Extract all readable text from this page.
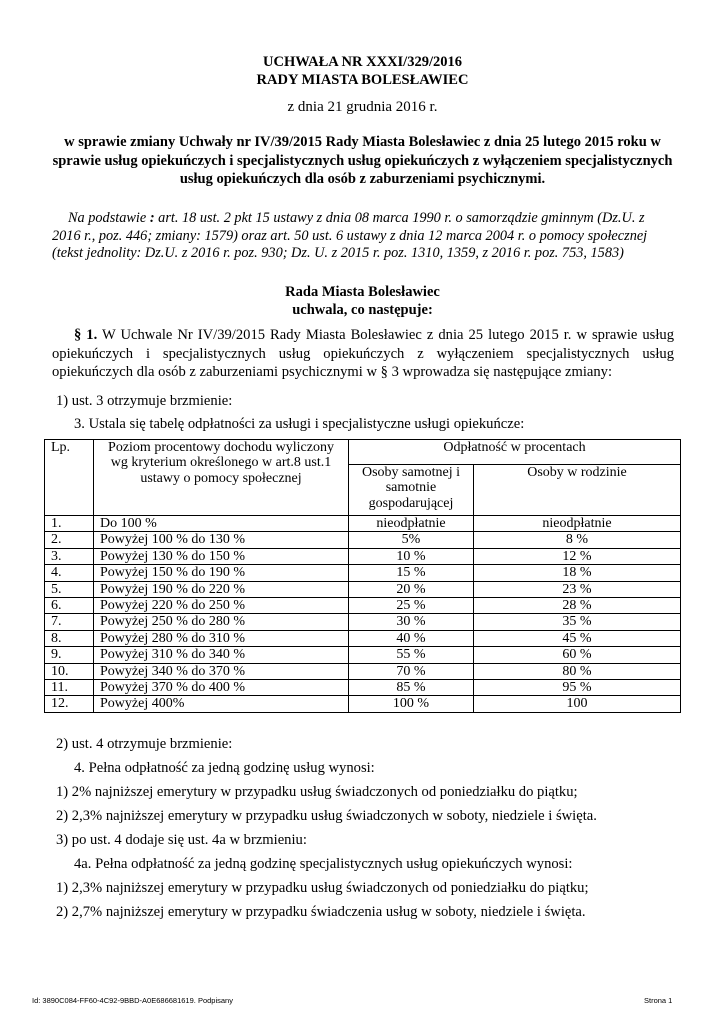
UCHWAŁA NR XXXI/329/2016
RADY MIASTA BOLESŁAWIEC
z dnia 21 grudnia 2016 r.
w sprawie zmiany Uchwały nr IV/39/2015 Rady Miasta Bolesławiec z dnia 25 lutego 2015 roku w sprawie usług opiekuńczych i specjalistycznych usług opiekuńczych z wyłączeniem specjalistycznych usług opiekuńczych dla osób z zaburzeniami psychicznymi.
Na podstawie : art. 18 ust. 2 pkt 15 ustawy z dnia 08 marca 1990 r. o samorządzie gminnym (Dz.U. z 2016 r., poz. 446; zmiany: 1579) oraz art. 50 ust. 6 ustawy z dnia 12 marca 2004 r. o pomocy społecznej (tekst jednolity: Dz.U. z 2016 r. poz. 930; Dz. U. z 2015 r. poz. 1310, 1359, z 2016 r. poz. 753, 1583)
Rada Miasta Bolesławiec
uchwala, co następuje:
§ 1. W Uchwale Nr IV/39/2015 Rady Miasta Bolesławiec z dnia 25 lutego 2015 r. w sprawie usług opiekuńczych i specjalistycznych usług opiekuńczych z wyłączeniem specjalistycznych usług opiekuńczych dla osób z zaburzeniami psychicznymi w § 3 wprowadza się następujące zmiany:
1) ust. 3 otrzymuje brzmienie:
3. Ustala się tabelę odpłatności za usługi i specjalistyczne usługi opiekuńcze:
Lp.	Poziom procentowy dochodu wyliczony wg kryterium określonego w art.8 ust.1 ustawy o pomocy społecznej	Odpłatność w procentach	
		Osoby samotnej i samotnie gospodarującej	Osoby w rodzinie
1.	Do 100 %	nieodpłatnie	nieodpłatnie
2.	Powyżej 100 % do 130 %	5%	8 %
3.	Powyżej 130 % do 150 %	10 %	12 %
4.	Powyżej 150 % do 190 %	15 %	18 %
5.	Powyżej 190 % do 220 %	20 %	23 %
6.	Powyżej 220 % do 250 %	25 %	28 %
7.	Powyżej 250 % do 280 %	30 %	35 %
8.	Powyżej 280 % do 310 %	40 %	45 %
9.	Powyżej 310 % do 340 %	55 %	60 %
10.	Powyżej 340 % do 370 %	70 %	80 %
11.	Powyżej 370 % do 400 %	85 %	95 %
12.	Powyżej 400%	100 %	100
2) ust. 4 otrzymuje brzmienie:
4. Pełna odpłatność za jedną godzinę usług wynosi:
1) 2% najniższej emerytury w przypadku usług świadczonych od poniedziałku do piątku;
2) 2,3% najniższej emerytury w przypadku usług świadczonych w soboty, niedziele i święta.
3) po ust. 4 dodaje się ust. 4a w brzmieniu:
4a. Pełna odpłatność za jedną godzinę specjalistycznych usług opiekuńczych wynosi:
1) 2,3% najniższej emerytury w przypadku usług świadczonych od poniedziałku do piątku;
2) 2,7% najniższej emerytury w przypadku świadczenia usług w soboty, niedziele i święta.
Id: 3890C084-FF60-4C92-9BBD-A0E686681619. Podpisany	Strona 1
